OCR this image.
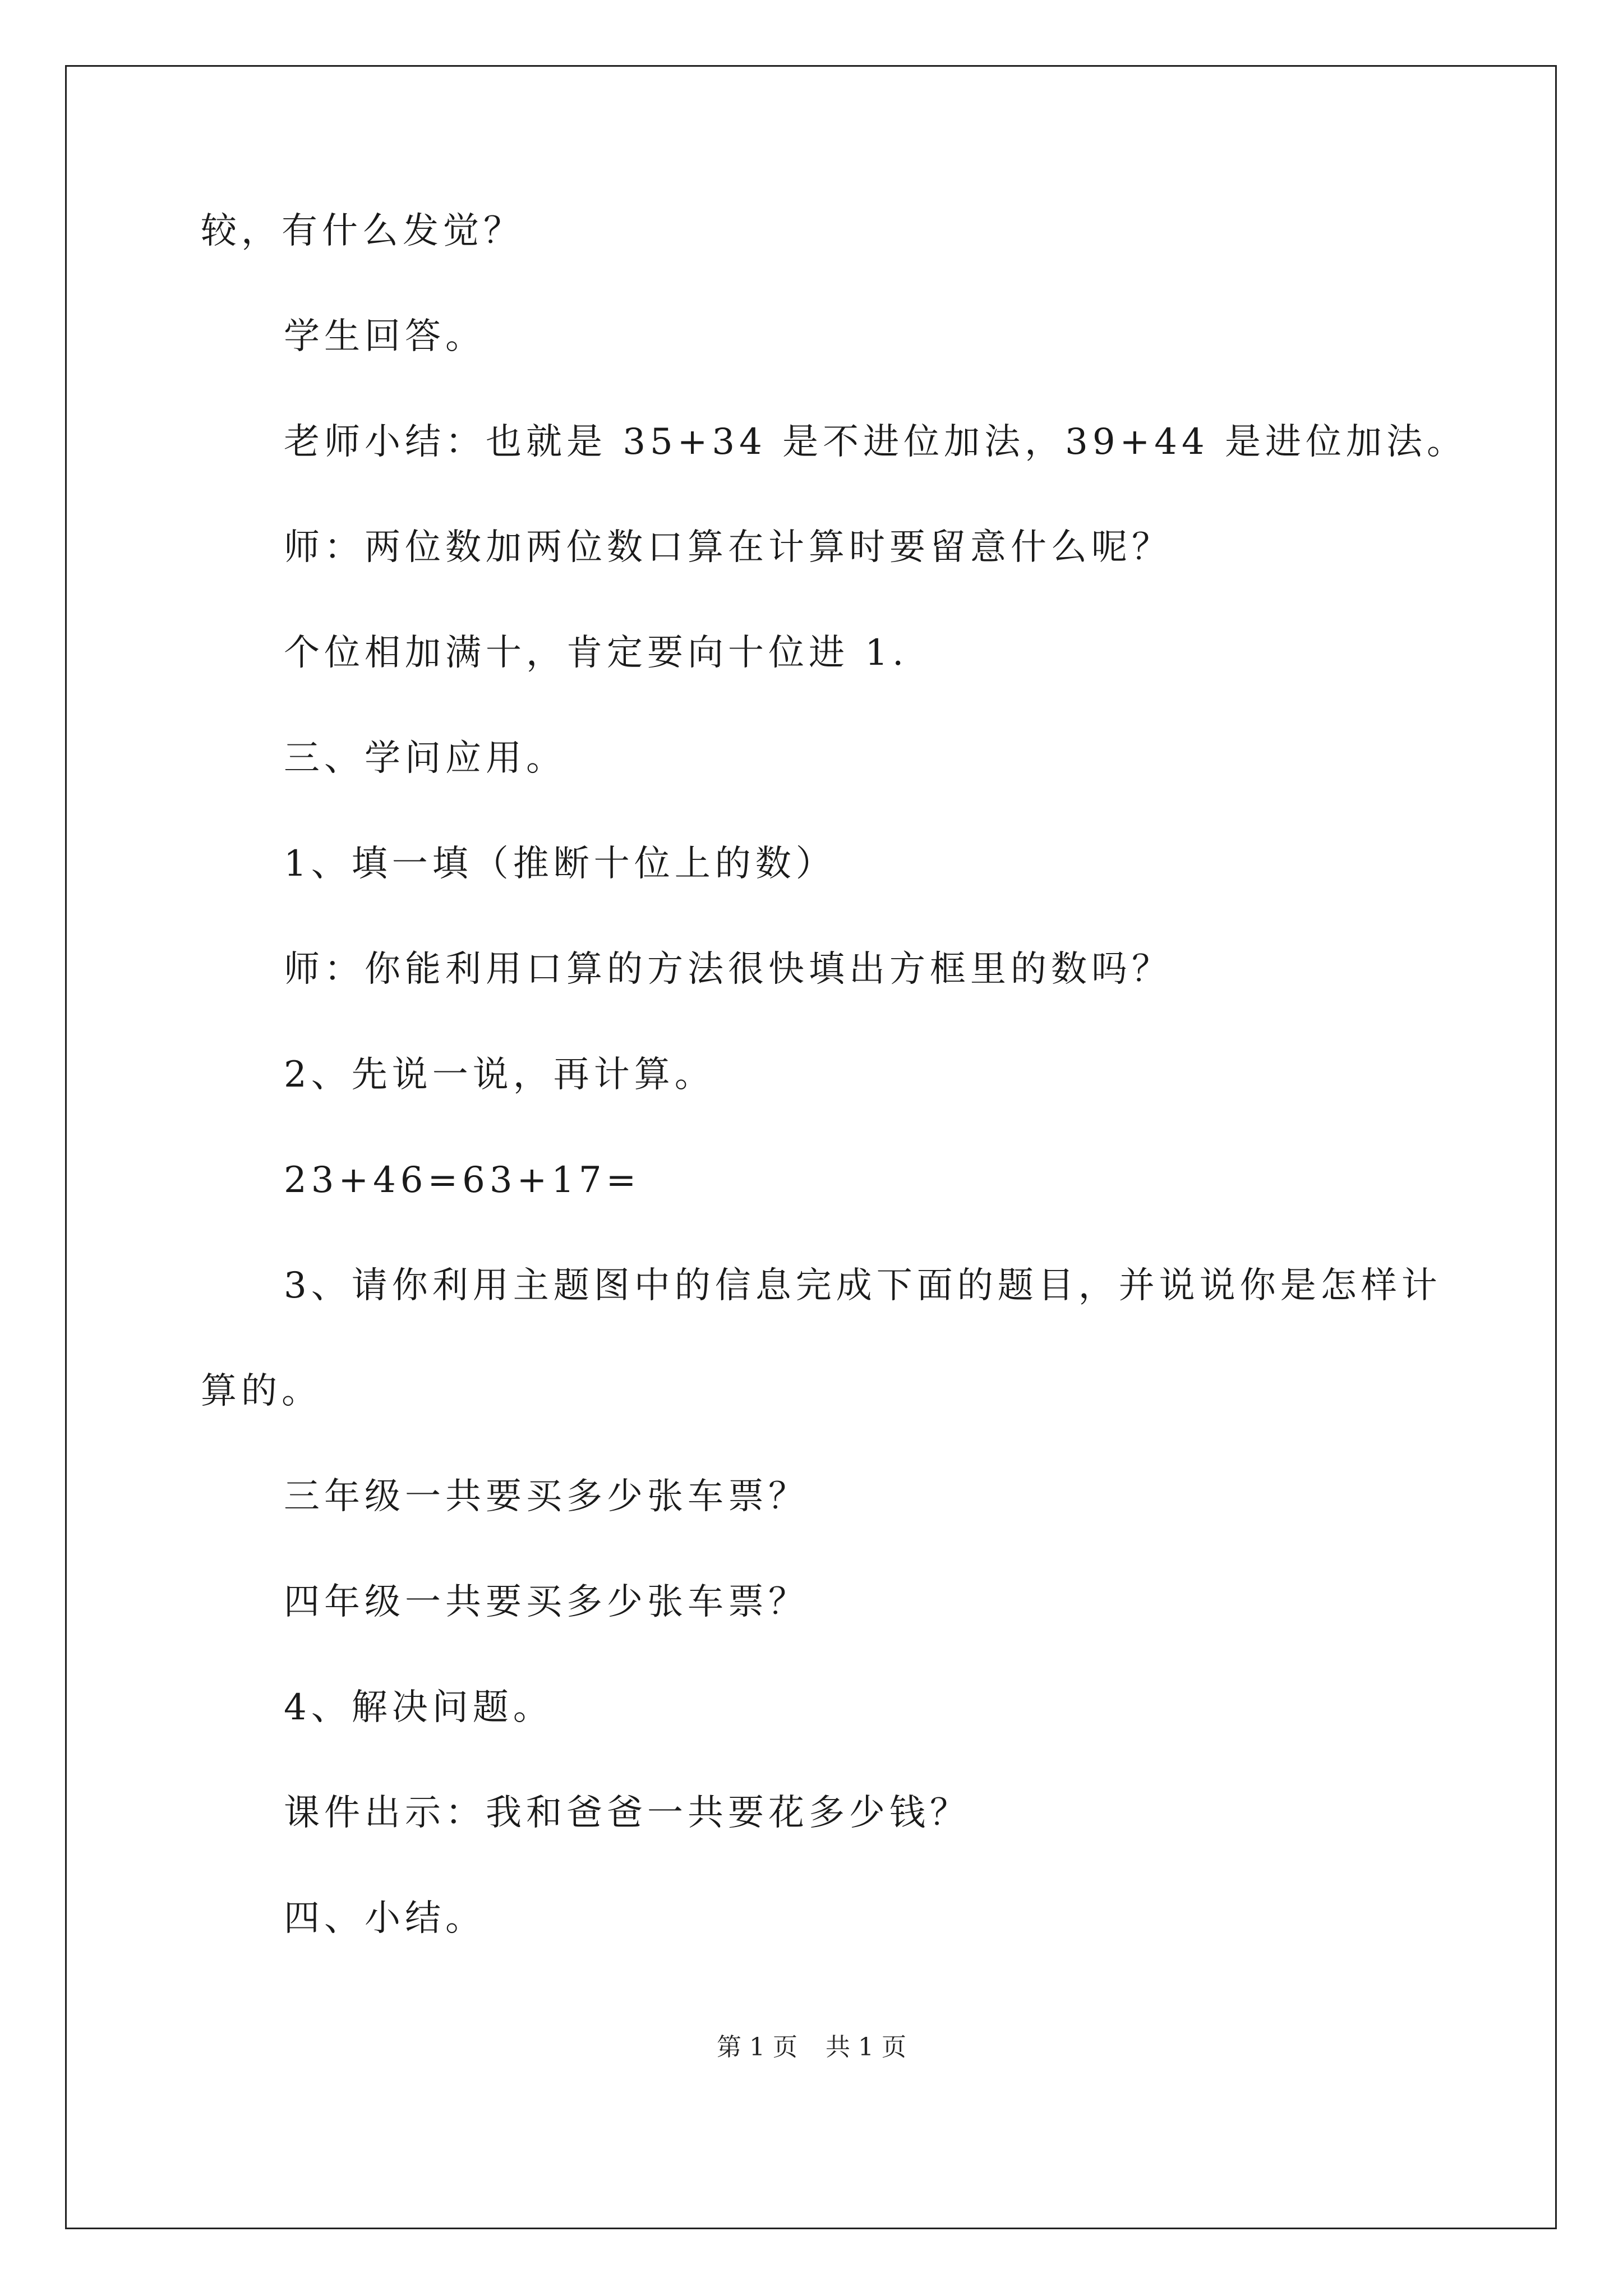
较，有什么发觉？
学生回答。
老师小结：也就是 35+34 是不进位加法，39+44 是进位加法。
师：两位数加两位数口算在计算时要留意什么呢？
个位相加满十，肯定要向十位进 1.
三、学问应用。
1、填一填（推断十位上的数）
师：你能利用口算的方法很快填出方框里的数吗？
2、先说一说，再计算。
23+46=63+17=
3、请你利用主题图中的信息完成下面的题目，并说说你是怎样计
算的。
三年级一共要买多少张车票？
四年级一共要买多少张车票？
4、解决问题。
课件出示：我和爸爸一共要花多少钱？
四、小结。
第 1 页 共 1 页
